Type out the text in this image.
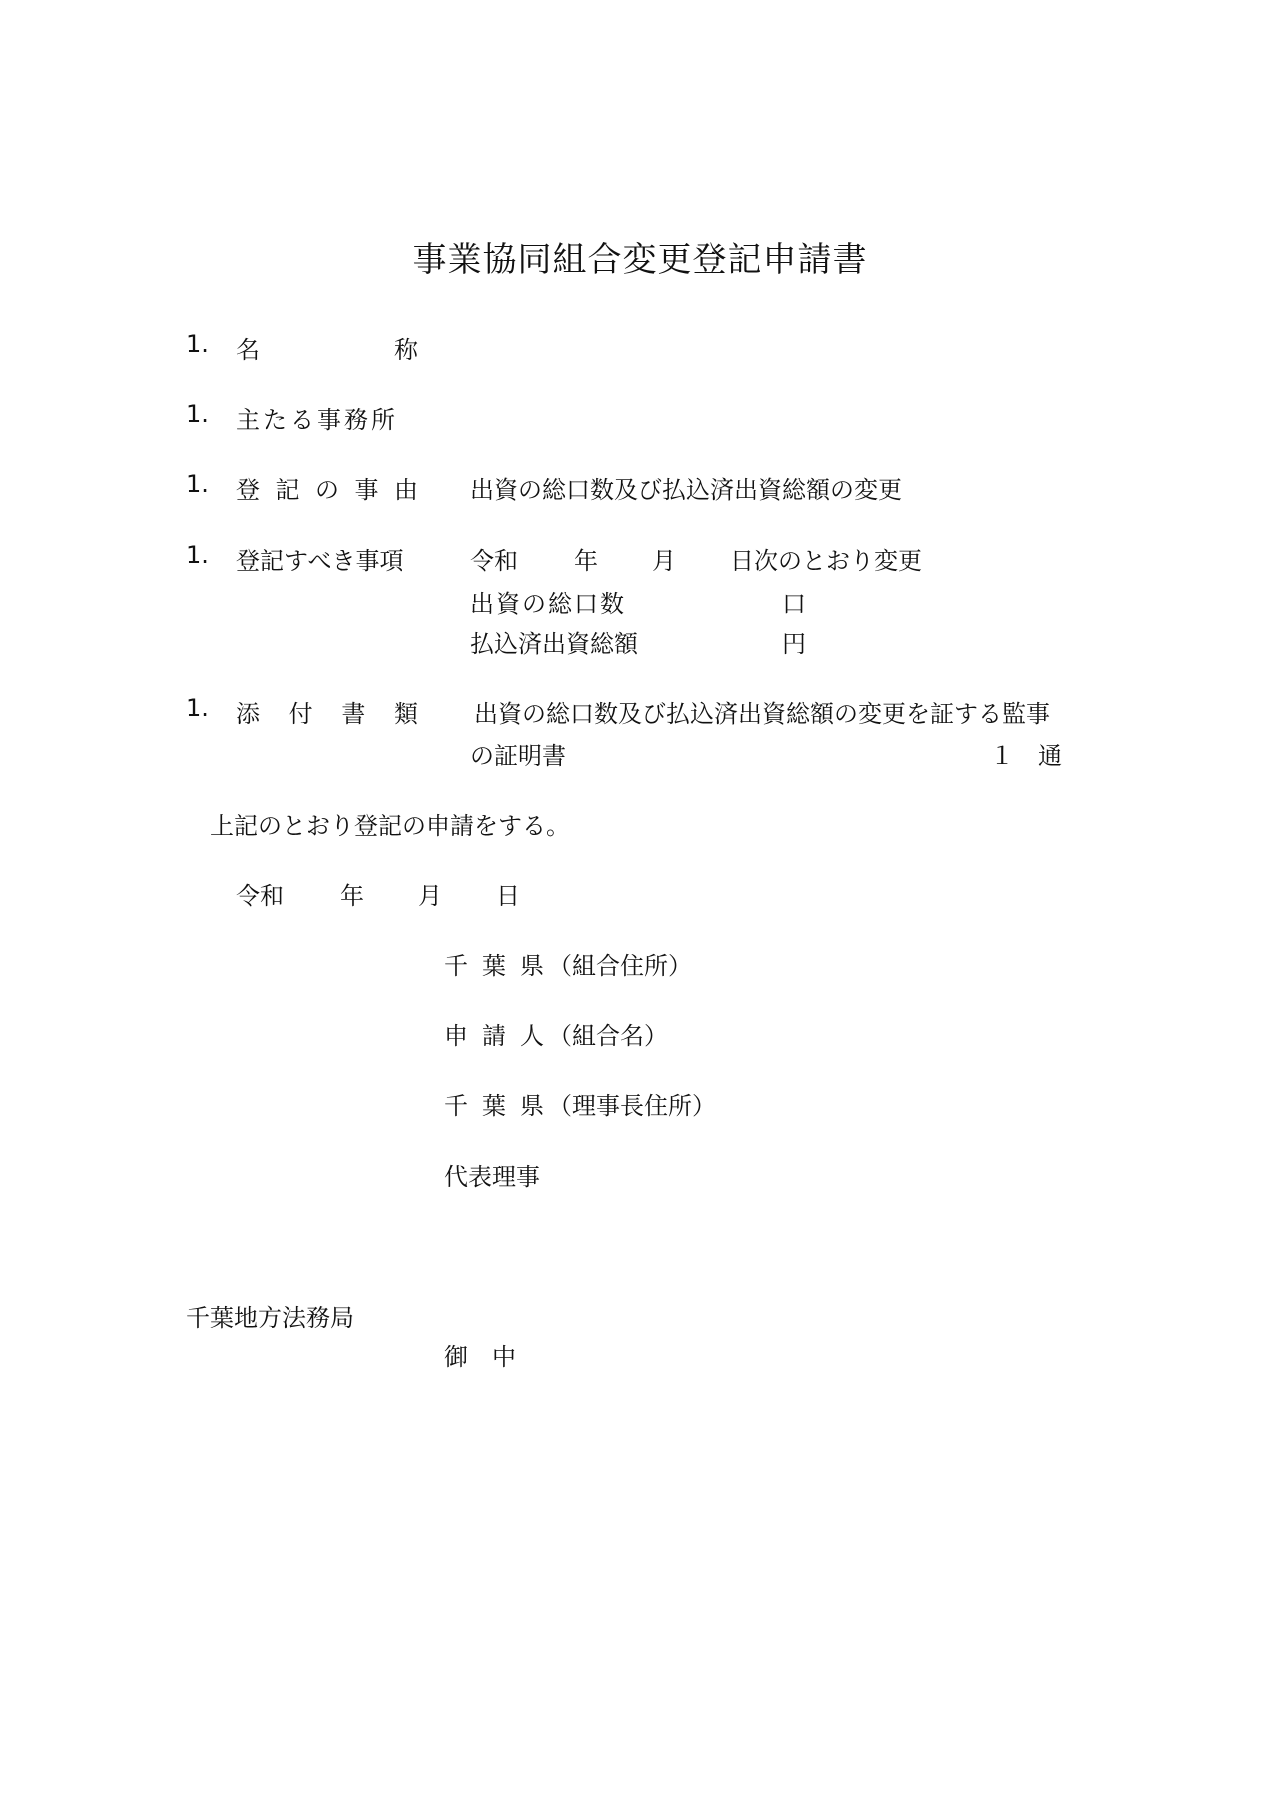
事業協同組合変更登記申請書
1. 名	称
1. 主たる事務所
1. 登 記 の 事 由 出資の総口数及び払込済出資総額の変更
1. 登記すべき事項	令和 年 月 日次のとおり変更
出資の総口数	口
払込済出資総額	円
1. 添 付 書 類 出資の総口数及び払込済出資総額の変更を証する監事
の証明書	１　通
上記のとおり登記の申請をする。
令和 年 月 日
千 葉 県 （組合住所）
申 請 人 （組合名）
千 葉 県 （理事長住所）
代表理事
千葉地方法務局
御　中
